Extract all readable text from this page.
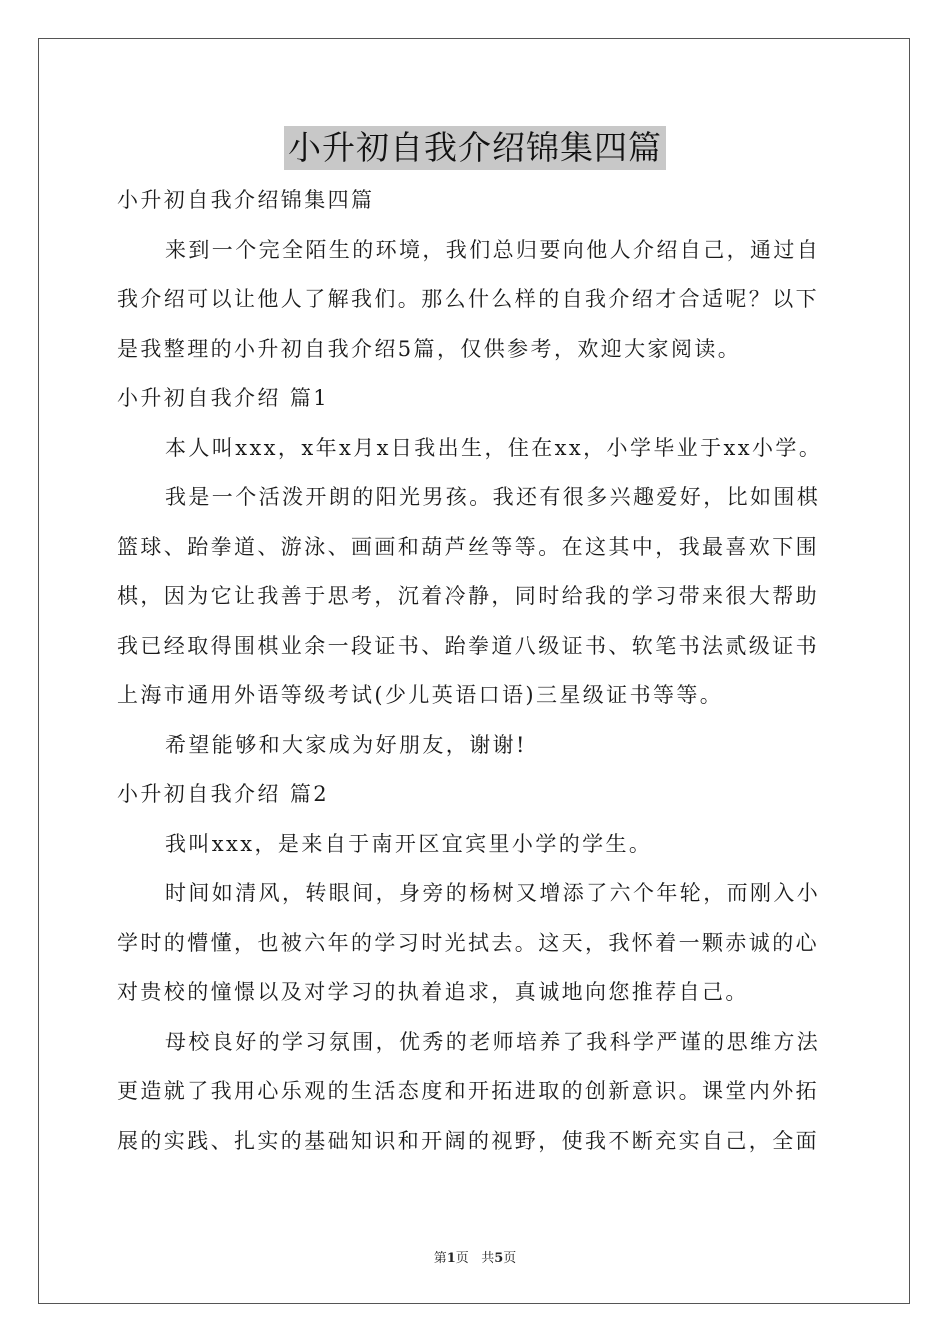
小升初自我介绍锦集四篇
小升初自我介绍锦集四篇
来到一个完全陌生的环境，我们总归要向他人介绍自己，通过自
我介绍可以让他人了解我们。那么什么样的自我介绍才合适呢？以下
是我整理的小升初自我介绍5篇，仅供参考，欢迎大家阅读。
小升初自我介绍 篇1
本人叫xxx，x年x月x日我出生，住在xx，小学毕业于xx小学。
我是一个活泼开朗的阳光男孩。我还有很多兴趣爱好，比如围棋
篮球、跆拳道、游泳、画画和葫芦丝等等。在这其中，我最喜欢下围
棋，因为它让我善于思考，沉着冷静，同时给我的学习带来很大帮助
我已经取得围棋业余一段证书、跆拳道八级证书、软笔书法贰级证书
上海市通用外语等级考试(少儿英语口语)三星级证书等等。
希望能够和大家成为好朋友，谢谢!
小升初自我介绍 篇2
我叫xxx，是来自于南开区宜宾里小学的学生。
时间如清风，转眼间，身旁的杨树又增添了六个年轮，而刚入小
学时的懵懂，也被六年的学习时光拭去。这天，我怀着一颗赤诚的心
对贵校的憧憬以及对学习的执着追求，真诚地向您推荐自己。
母校良好的学习氛围，优秀的老师培养了我科学严谨的思维方法
更造就了我用心乐观的生活态度和开拓进取的创新意识。课堂内外拓
展的实践、扎实的基础知识和开阔的视野，使我不断充实自己，全面
第1页 共5页
